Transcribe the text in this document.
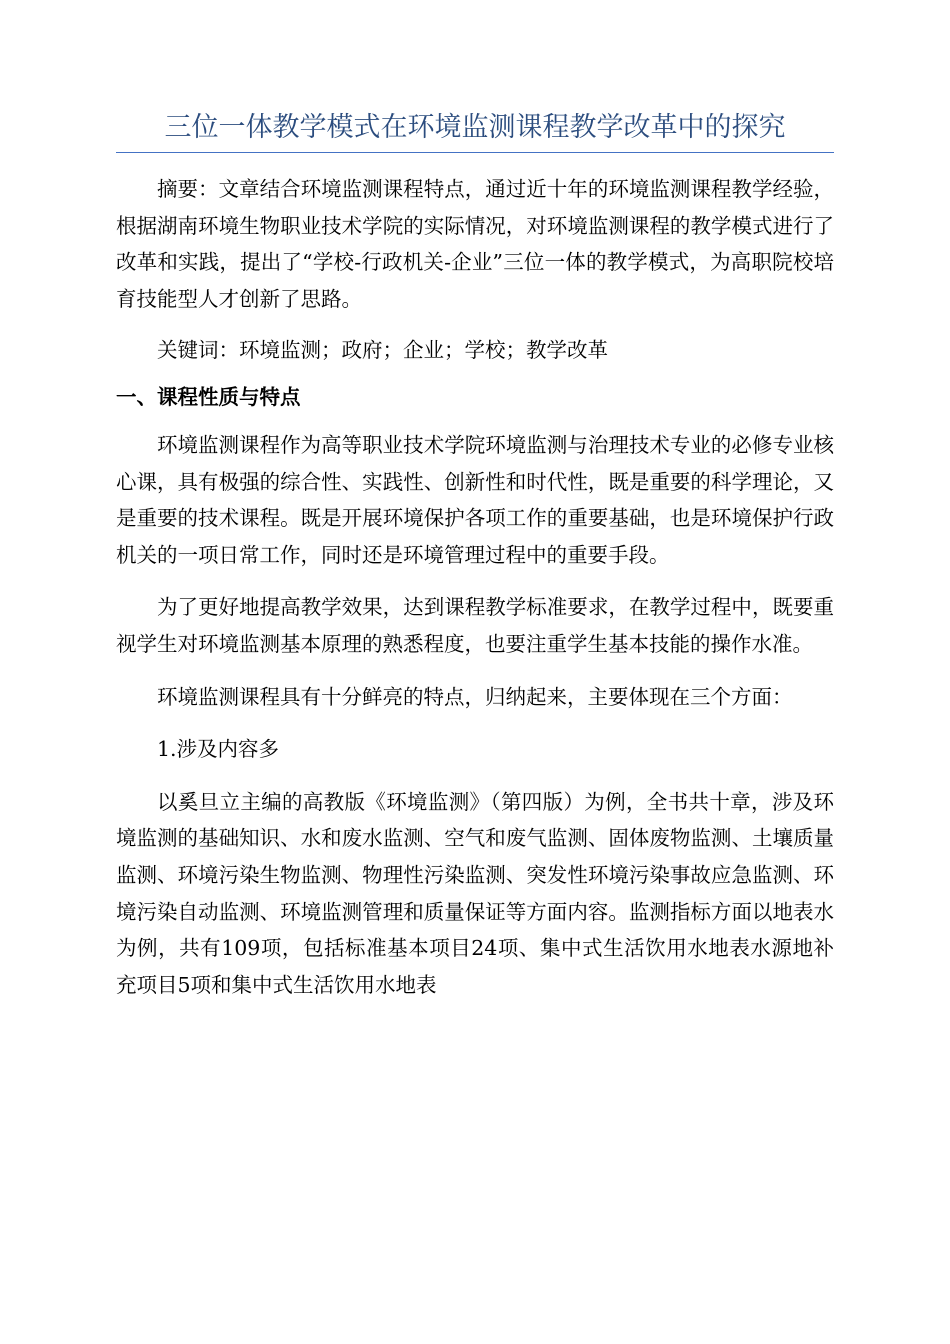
三位一体教学模式在环境监测课程教学改革中的探究

摘要：文章结合环境监测课程特点，通过近十年的环境监测课程教学经验，根据湖南环境生物职业技术学院的实际情况，对环境监测课程的教学模式进行了改革和实践，提出了“学校-行政机关-企业”三位一体的教学模式，为高职院校培育技能型人才创新了思路。

关键词：环境监测；政府；企业；学校；教学改革

一、课程性质与特点

环境监测课程作为高等职业技术学院环境监测与治理技术专业的必修专业核心课，具有极强的综合性、实践性、创新性和时代性，既是重要的科学理论，又是重要的技术课程。既是开展环境保护各项工作的重要基础，也是环境保护行政机关的一项日常工作，同时还是环境管理过程中的重要手段。

为了更好地提高教学效果，达到课程教学标准要求，在教学过程中，既要重视学生对环境监测基本原理的熟悉程度，也要注重学生基本技能的操作水准。

环境监测课程具有十分鲜亮的特点，归纳起来，主要体现在三个方面：

1.涉及内容多

以奚旦立主编的高教版《环境监测》（第四版）为例，全书共十章，涉及环境监测的基础知识、水和废水监测、空气和废气监测、固体废物监测、土壤质量监测、环境污染生物监测、物理性污染监测、突发性环境污染事故应急监测、环境污染自动监测、环境监测管理和质量保证等方面内容。监测指标方面以地表水为例，共有109项，包括标准基本项目24项、集中式生活饮用水地表水源地补充项目5项和集中式生活饮用水地表
